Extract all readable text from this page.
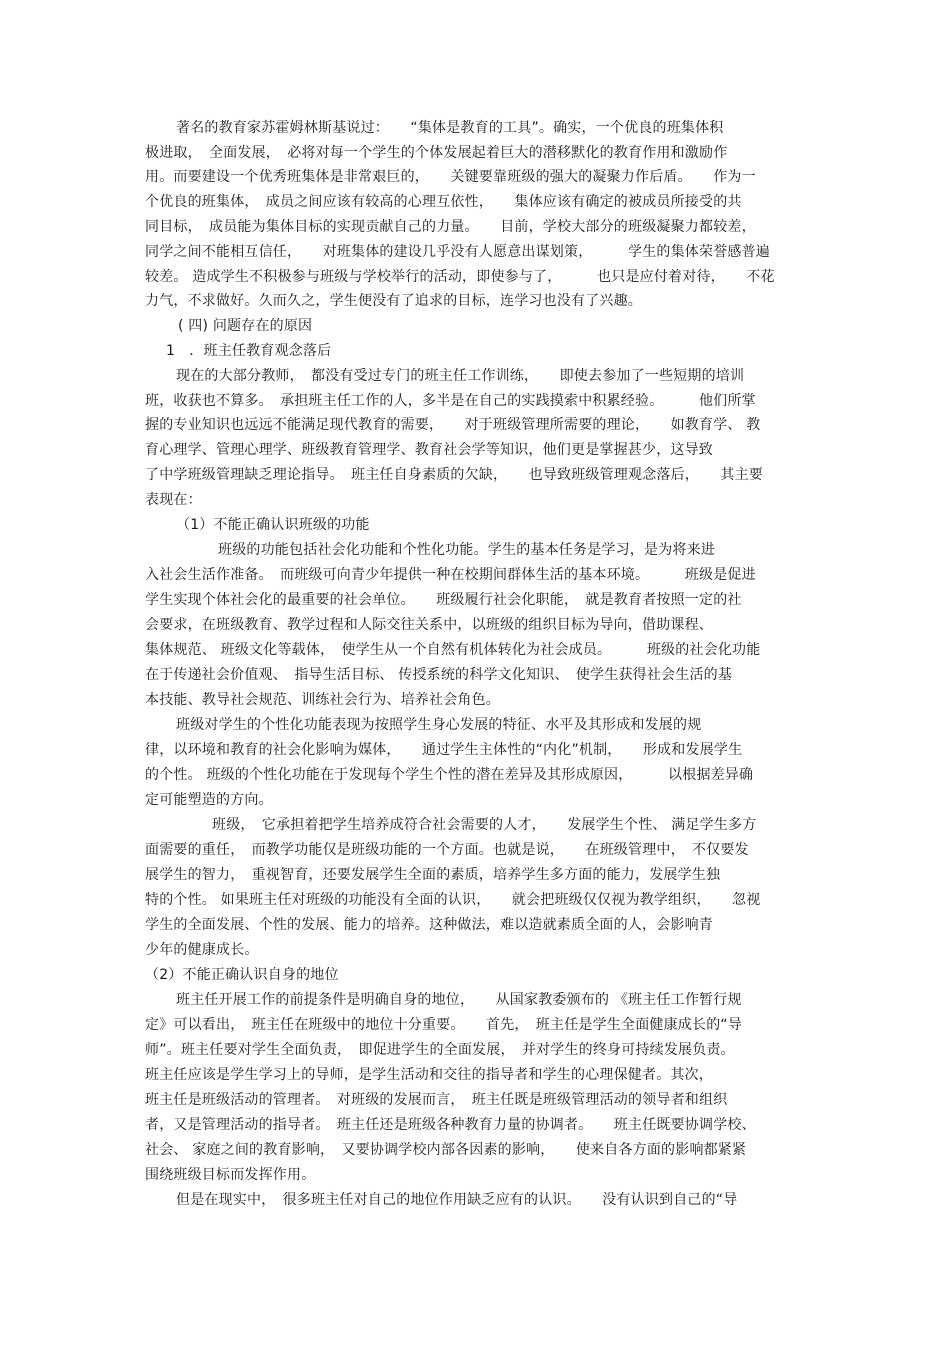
著名的教育家苏霍姆林斯基说过：　　“集体是教育的工具”。确实，一个优良的班集体积
极进取，　全面发展，　必将对每一个学生的个体发展起着巨大的潜移默化的教育作用和激励作
用。而要建设一个优秀班集体是非常艰巨的，　　关键要靠班级的强大的凝聚力作后盾。　　作为一
个优良的班集体，　成员之间应该有较高的心理互依性，　　集体应该有确定的被成员所接受的共
同目标，　成员能为集体目标的实现贡献自己的力量。　　目前，学校大部分的班级凝聚力都较差，
同学之间不能相互信任，　　对班集体的建设几乎没有人愿意出谋划策，　　　学生的集体荣誉感普遍
较差。 造成学生不积极参与班级与学校举行的活动，即使参与了，　　　也只是应付着对待，　　不花
力气，不求做好。久而久之，学生便没有了追求的目标，连学习也没有了兴趣。
( 四) 问题存在的原因
1　．班主任教育观念落后
现在的大部分教师，　都没有受过专门的班主任工作训练，　　即使去参加了一些短期的培训
班，收获也不算多。　承担班主任工作的人，多半是在自己的实践摸索中积累经验。　　　他们所掌
握的专业知识也远远不能满足现代教育的需要，　　对于班级管理所需要的理论，　　如教育学、 教
育心理学、管理心理学、班级教育管理学、教育社会学等知识，他们更是掌握甚少，这导致
了中学班级管理缺乏理论指导。　班主任自身素质的欠缺，　　也导致班级管理观念落后，　　其主要
表现在：
（1）不能正确认识班级的功能
班级的功能包括社会化功能和个性化功能。学生的基本任务是学习，是为将来进
入社会生活作准备。　而班级可向青少年提供一种在校期间群体生活的基本环境。　　　班级是促进
学生实现个体社会化的最重要的社会单位。　　班级履行社会化职能，　就是教育者按照一定的社
会要求，在班级教育、教学过程和人际交往关系中，以班级的组织目标为导向，借助课程、
集体规范、 班级文化等载体，　使学生从一个自然有机体转化为社会成员。　　　班级的社会化功能
在于传递社会价值观、　指导生活目标、 传授系统的科学文化知识、　使学生获得社会生活的基
本技能、教导社会规范、训练社会行为、培养社会角色。
班级对学生的个性化功能表现为按照学生身心发展的特征、水平及其形成和发展的规
律，以环境和教育的社会化影响为媒体，　　通过学生主体性的“内化”机制，　　形成和发展学生
的个性。 班级的个性化功能在于发现每个学生个性的潜在差异及其形成原因，　　　以根据差异确
定可能塑造的方向。
班级，　它承担着把学生培养成符合社会需要的人才，　　发展学生个性、 满足学生多方
面需要的重任，　而教学功能仅是班级功能的一个方面。也就是说，　　在班级管理中，　不仅要发
展学生的智力，　重视智育，还要发展学生全面的素质，培养学生多方面的能力，发展学生独
特的个性。 如果班主任对班级的功能没有全面的认识，　　就会把班级仅仅视为教学组织，　　忽视
学生的全面发展、个性的发展、能力的培养。这种做法，难以造就素质全面的人，会影响青
少年的健康成长。
（2）不能正确认识自身的地位
班主任开展工作的前提条件是明确自身的地位，　　从国家教委颁布的 《班主任工作暂行规
定》可以看出，　班主任在班级中的地位十分重要。　　首先，　班主任是学生全面健康成长的“导
师”。班主任要对学生全面负责，　即促进学生的全面发展，　并对学生的终身可持续发展负责。
班主任应该是学生学习上的导师，是学生活动和交往的指导者和学生的心理保健者。其次，
班主任是班级活动的管理者。　对班级的发展而言，　班主任既是班级管理活动的领导者和组织
者，又是管理活动的指导者。　班主任还是班级各种教育力量的协调者。　　班主任既要协调学校、
社会、 家庭之间的教育影响，　又要协调学校内部各因素的影响，　　使来自各方面的影响都紧紧
围绕班级目标而发挥作用。
但是在现实中，　很多班主任对自己的地位作用缺乏应有的认识。　　没有认识到自己的“导
